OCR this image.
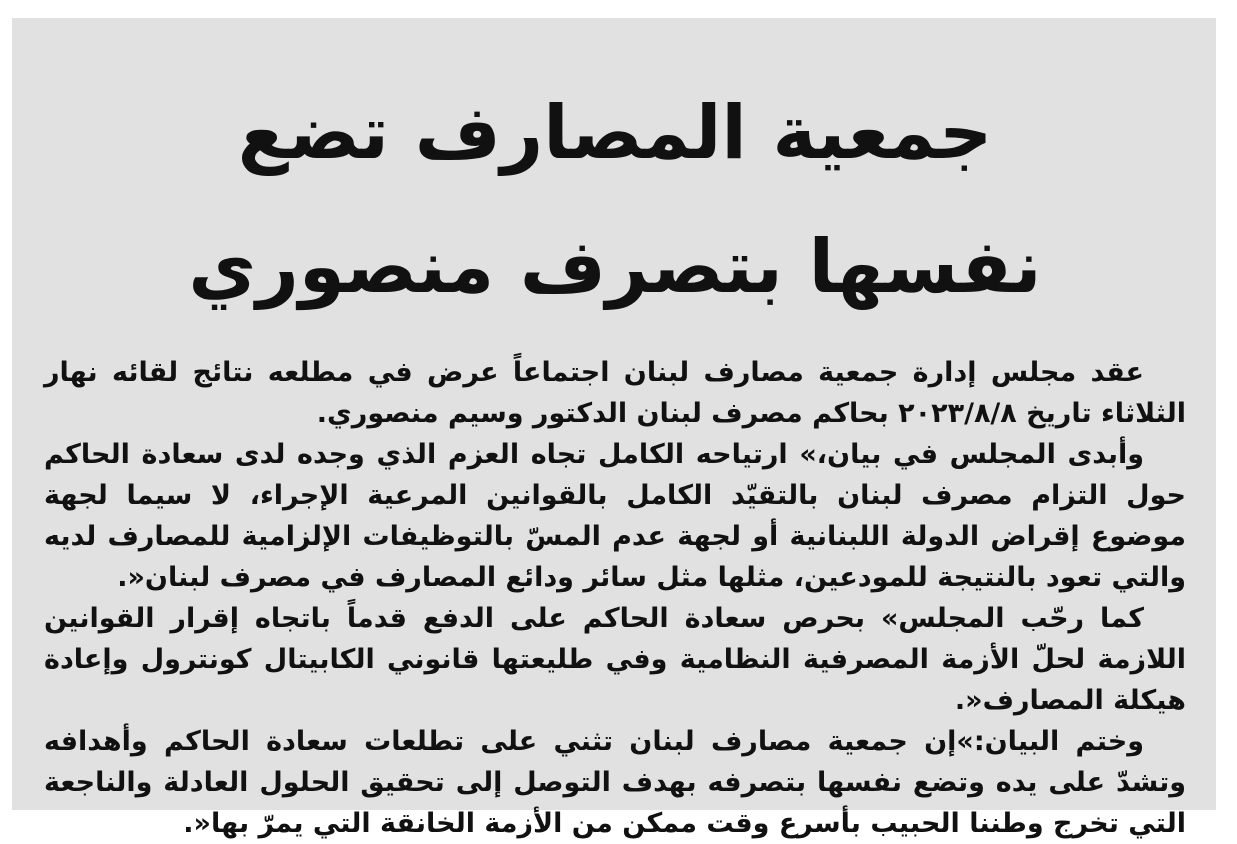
جمعية المصارف تضع
نفسها بتصرف منصوري

عقد مجلس إدارة جمعية مصارف لبنان اجتماعاً عرض في مطلعه نتائج لقائه نهار الثلاثاء تاريخ ٢٠٢٣/٨/٨ بحاكم مصرف لبنان الدكتور وسيم منصوري.

وأبدى المجلس في بيان،» ارتياحه الكامل تجاه العزم الذي وجده لدى سعادة الحاكم حول التزام مصرف لبنان بالتقيّد الكامل بالقوانين المرعية الإجراء، لا سيما لجهة موضوع إقراض الدولة اللبنانية أو لجهة عدم المسّ بالتوظيفات الإلزامية للمصارف لديه والتي تعود بالنتيجة للمودعين، مثلها مثل سائر ودائع المصارف في مصرف لبنان«.

كما رحّب المجلس» بحرص سعادة الحاكم على الدفع قدماً باتجاه إقرار القوانين اللازمة لحلّ الأزمة المصرفية النظامية وفي طليعتها قانوني الكابيتال كونترول وإعادة هيكلة المصارف«.

وختم البيان:»إن جمعية مصارف لبنان تثني على تطلعات سعادة الحاكم وأهدافه وتشدّ على يده وتضع نفسها بتصرفه بهدف التوصل إلى تحقيق الحلول العادلة والناجعة التي تخرج وطننا الحبيب بأسرع وقت ممكن من الأزمة الخانقة التي يمرّ بها«.
